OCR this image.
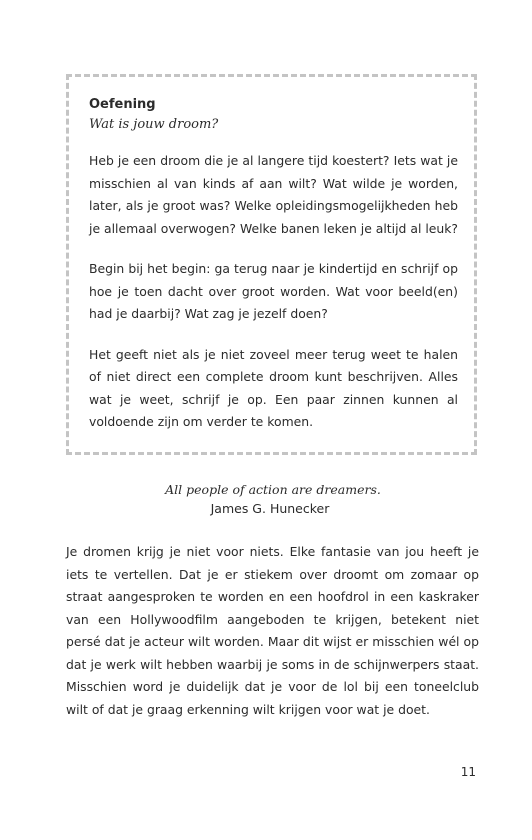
Oefening
Wat is jouw droom?

Heb je een droom die je al langere tijd koestert? Iets wat je misschien al van kinds af aan wilt? Wat wilde je worden, later, als je groot was? Welke opleidingsmogelijkheden heb je allemaal overwogen? Welke banen leken je altijd al leuk?

Begin bij het begin: ga terug naar je kindertijd en schrijf op hoe je toen dacht over groot worden. Wat voor beeld(en) had je daarbij? Wat zag je jezelf doen?

Het geeft niet als je niet zoveel meer terug weet te halen of niet direct een complete droom kunt beschrijven. Alles wat je weet, schrijf je op. Een paar zinnen kunnen al voldoende zijn om verder te komen.

All people of action are dreamers.
James G. Hunecker

Je dromen krijg je niet voor niets. Elke fantasie van jou heeft je iets te vertellen. Dat je er stiekem over droomt om zomaar op straat aangesproken te worden en een hoofdrol in een kaskraker van een Hollywoodfilm aangeboden te krijgen, betekent niet persé dat je acteur wilt worden. Maar dit wijst er misschien wél op dat je werk wilt hebben waarbij je soms in de schijnwerpers staat. Misschien word je duidelijk dat je voor de lol bij een toneelclub wilt of dat je graag erkenning wilt krijgen voor wat je doet.

11
